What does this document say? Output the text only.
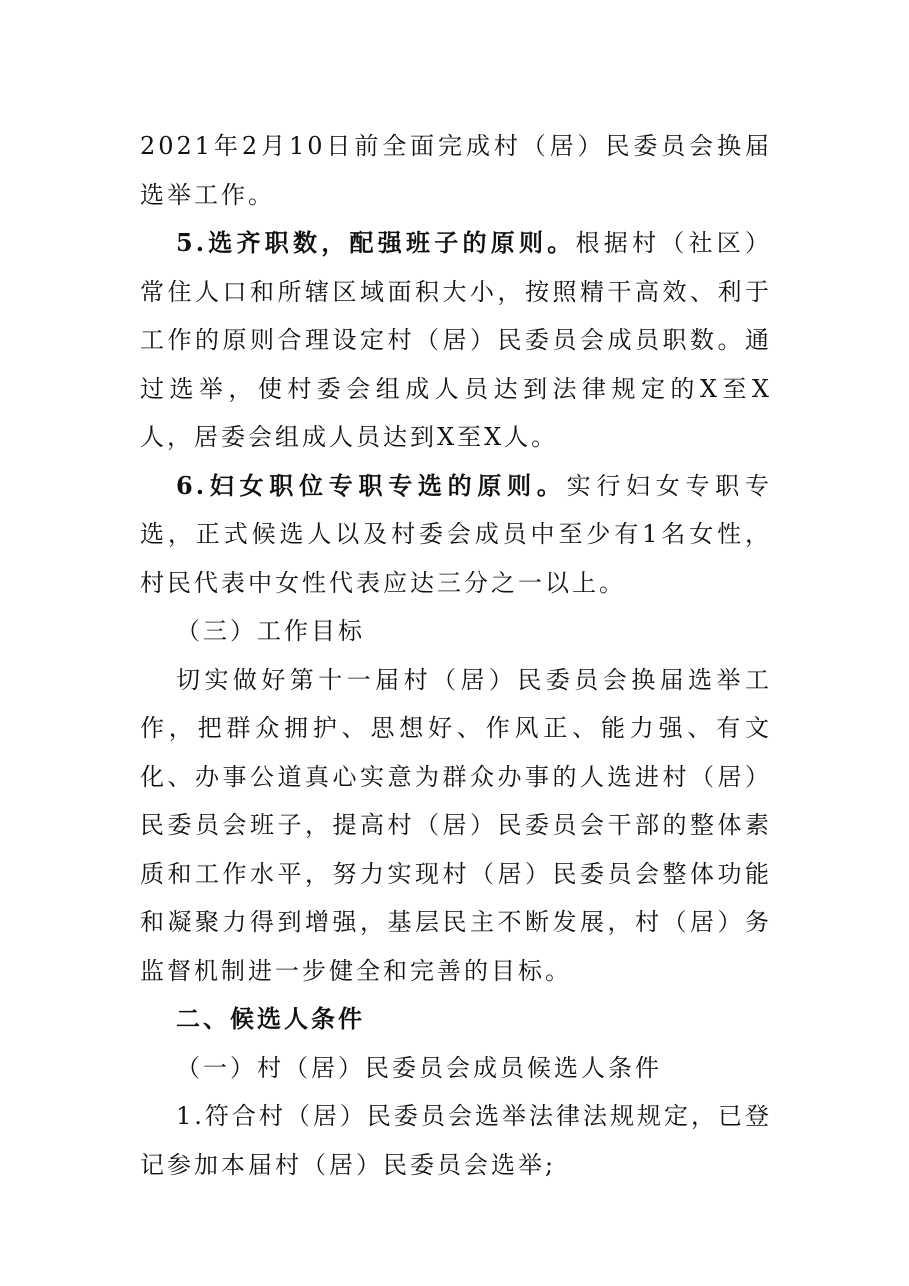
2021年2月10日前全面完成村（居）民委员会换届选举工作。

5.选齐职数，配强班子的原则。根据村（社区）常住人口和所辖区域面积大小，按照精干高效、利于工作的原则合理设定村（居）民委员会成员职数。通过选举，使村委会组成人员达到法律规定的X至X人，居委会组成人员达到X至X人。

6.妇女职位专职专选的原则。实行妇女专职专选，正式候选人以及村委会成员中至少有1名女性，村民代表中女性代表应达三分之一以上。

（三）工作目标

切实做好第十一届村（居）民委员会换届选举工作，把群众拥护、思想好、作风正、能力强、有文化、办事公道真心实意为群众办事的人选进村（居）民委员会班子，提高村（居）民委员会干部的整体素质和工作水平，努力实现村（居）民委员会整体功能和凝聚力得到增强，基层民主不断发展，村（居）务监督机制进一步健全和完善的目标。

二、候选人条件

（一）村（居）民委员会成员候选人条件

1.符合村（居）民委员会选举法律法规规定，已登记参加本届村（居）民委员会选举;
